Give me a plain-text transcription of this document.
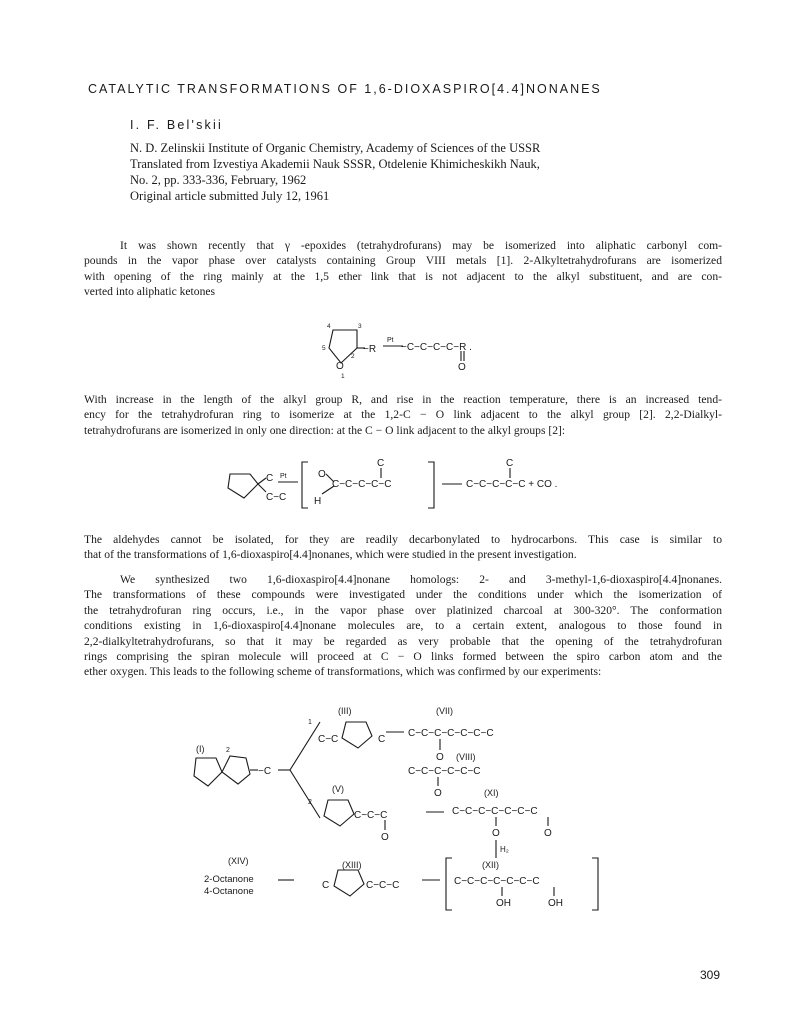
CATALYTIC TRANSFORMATIONS OF 1,6-DIOXASPIRO[4.4]NONANES
I. F. Bel'skii
N. D. Zelinskii Institute of Organic Chemistry, Academy of Sciences of the USSR
Translated from Izvestiya Akademii Nauk SSSR, Otdelenie Khimicheskikh Nauk,
No. 2, pp. 333-336, February, 1962
Original article submitted July 12, 1961

It was shown recently that γ -epoxides (tetrahydrofurans) may be isomerized into aliphatic carbonyl com-
pounds in the vapor phase over catalysts containing Group VIII metals [1]. 2-Alkyltetrahydrofurans are isomerized
with opening of the ring mainly at the 1,5 ether link that is not adjacent to the alkyl substituent, and are con-
verted into aliphatic ketones

4	3
5
2
1
O
−R
Pt
−C−C−C−C−R .
O

With increase in the length of the alkyl group R, and rise in the reaction temperature, there is an increased tend-
ency for the tetrahydrofuran ring to isomerize at the 1,2-C − O link adjacent to the alkyl group [2]. 2,2-Dialkyl-
tetrahydrofurans are isomerized in only one direction: at the C − O link adjacent to the alkyl groups [2]:

C
C−C
Pt	O
H
C−C−C−C−C
C
C−C−C−C−C + CO .
C

The aldehydes cannot be isolated, for they are readily decarbonylated to hydrocarbons. This case is similar to
that of the transformations of 1,6-dioxaspiro[4.4]nonanes, which were studied in the present investigation.

We synthesized two 1,6-dioxaspiro[4.4]nonane homologs: 2- and 3-methyl-1,6-dioxaspiro[4.4]nonanes.
The transformations of these compounds were investigated under the conditions under which the isomerization of
the tetrahydrofuran ring occurs, i.e., in the vapor phase over platinized charcoal at 300-320°. The conformation
conditions existing in 1,6-dioxaspiro[4.4]nonane molecules are, to a certain extent, analogous to those found in
2,2-dialkyltetrahydrofurans, so that it may be regarded as very probable that the opening of the tetrahydrofuran
rings comprising the spiran molecule will proceed at C − O links formed between the spiro carbon atom and the
ether oxygen. This leads to the following scheme of transformations, which was confirmed by our experiments:

(I)
−C
2
1
2
(III)
C−C	C
(VII)
C−C−C−C−C−C−C
O (VIII)
C−C−C−C−C−C
O
(V)
C−C−C
O
(XI)
C−C−C−C−C−C−C
O	O
H₂
(XIV)
2-Octanone
4-Octanone
(XIII)
C	C−C−C
(XII)
C−C−C−C−C−C−C
OH	OH
309
